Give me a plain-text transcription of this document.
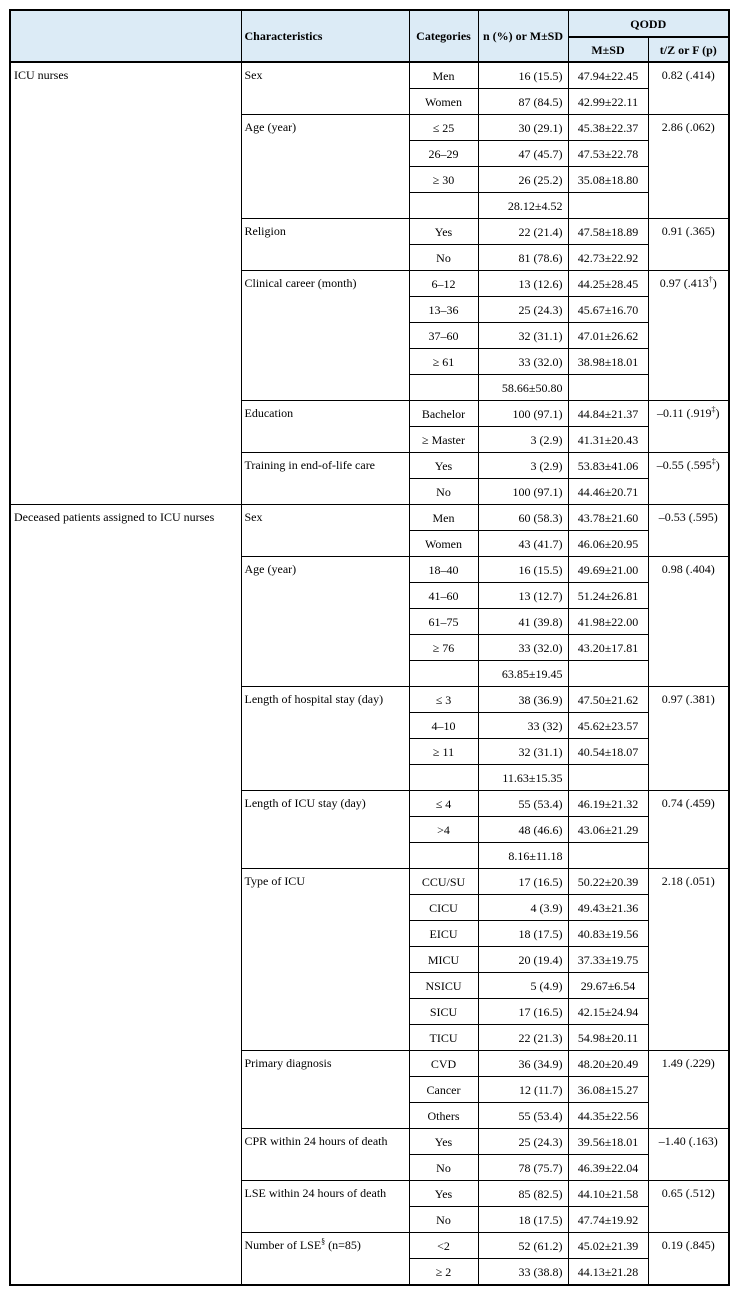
	Characteristics	Categories	n (%) or M±SD	QODD	
				M±SD	t/Z or F (p)
ICU nurses	Sex	Men	16 (15.5)	47.94±22.45	0.82 (.414)
		Women	87 (84.5)	42.99±22.11	
	Age (year)	≤ 25	30 (29.1)	45.38±22.37	2.86 (.062)
		26–29	47 (45.7)	47.53±22.78	
		≥ 30	26 (25.2)	35.08±18.80	
			28.12±4.52		
	Religion	Yes	22 (21.4)	47.58±18.89	0.91 (.365)
		No	81 (78.6)	42.73±22.92	
	Clinical career (month)	6–12	13 (12.6)	44.25±28.45	0.97 (.413†)
		13–36	25 (24.3)	45.67±16.70	
		37–60	32 (31.1)	47.01±26.62	
		≥ 61	33 (32.0)	38.98±18.01	
			58.66±50.80		
	Education	Bachelor	100 (97.1)	44.84±21.37	–0.11 (.919‡)
		≥ Master	3 (2.9)	41.31±20.43	
	Training in end-of-life care	Yes	3 (2.9)	53.83±41.06	–0.55 (.595‡)
		No	100 (97.1)	44.46±20.71	
Deceased patients assigned to ICU nurses	Sex	Men	60 (58.3)	43.78±21.60	–0.53 (.595)
		Women	43 (41.7)	46.06±20.95	
	Age (year)	18–40	16 (15.5)	49.69±21.00	0.98 (.404)
		41–60	13 (12.7)	51.24±26.81	
		61–75	41 (39.8)	41.98±22.00	
		≥ 76	33 (32.0)	43.20±17.81	
			63.85±19.45		
	Length of hospital stay (day)	≤ 3	38 (36.9)	47.50±21.62	0.97 (.381)
		4–10	33 (32)	45.62±23.57	
		≥ 11	32 (31.1)	40.54±18.07	
			11.63±15.35		
	Length of ICU stay (day)	≤ 4	55 (53.4)	46.19±21.32	0.74 (.459)
		>4	48 (46.6)	43.06±21.29	
			8.16±11.18		
	Type of ICU	CCU/SU	17 (16.5)	50.22±20.39	2.18 (.051)
		CICU	4 (3.9)	49.43±21.36	
		EICU	18 (17.5)	40.83±19.56	
		MICU	20 (19.4)	37.33±19.75	
		NSICU	5 (4.9)	29.67±6.54	
		SICU	17 (16.5)	42.15±24.94	
		TICU	22 (21.3)	54.98±20.11	
	Primary diagnosis	CVD	36 (34.9)	48.20±20.49	1.49 (.229)
		Cancer	12 (11.7)	36.08±15.27	
		Others	55 (53.4)	44.35±22.56	
	CPR within 24 hours of death	Yes	25 (24.3)	39.56±18.01	–1.40 (.163)
		No	78 (75.7)	46.39±22.04	
	LSE within 24 hours of death	Yes	85 (82.5)	44.10±21.58	0.65 (.512)
		No	18 (17.5)	47.74±19.92	
	Number of LSE§ (n=85)	<2	52 (61.2)	45.02±21.39	0.19 (.845)
		≥ 2	33 (38.8)	44.13±21.28	
